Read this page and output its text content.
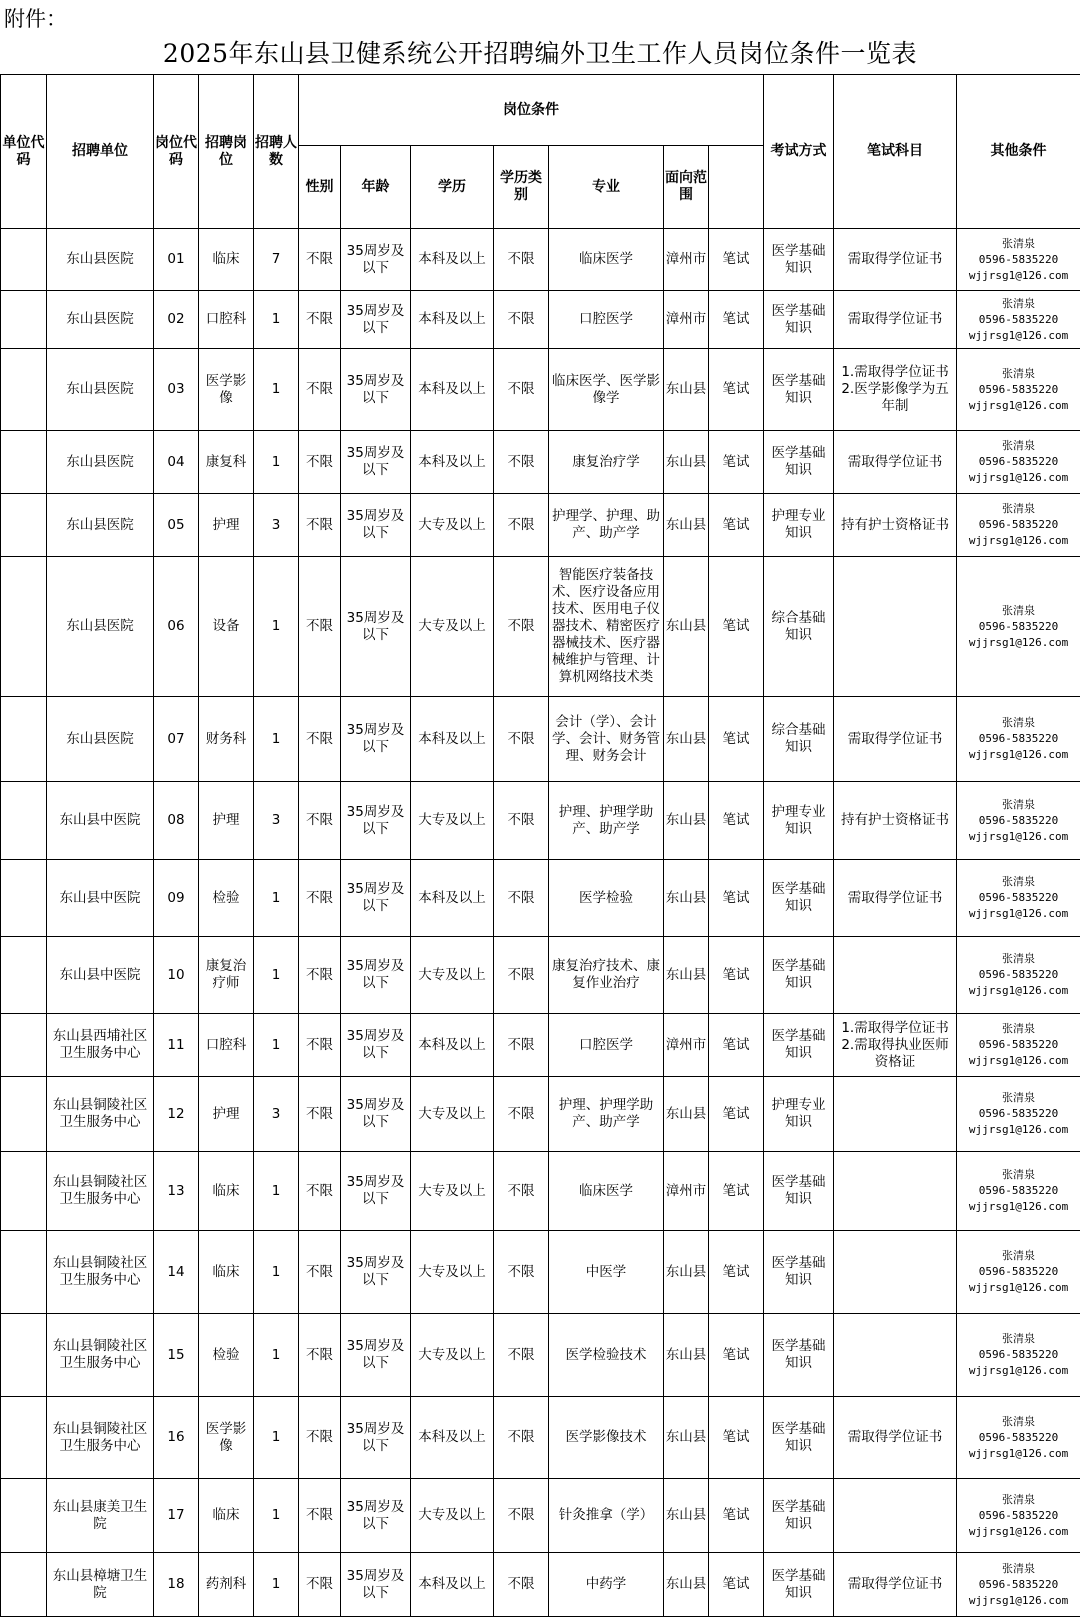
附件：
2025年东山县卫健系统公开招聘编外卫生工作人员岗位条件一览表
单位代码	招聘单位	岗位代码	招聘岗位	招聘人数	岗位条件							考试方式	笔试科目	其他条件	
					性别	年龄	学历	学历类别	专业	面向范围					
	东山县医院	01	临床	7	不限	35周岁及以下	本科及以上	不限	临床医学	漳州市	笔试	医学基础知识	需取得学位证书	张清泉
0596-5835220
wjjrsg1@126.com	

	东山县医院	02	口腔科	1	不限	35周岁及以下	本科及以上	不限	口腔医学	漳州市	笔试	医学基础知识	需取得学位证书	张清泉
0596-5835220
wjjrsg1@126.com	

	东山县医院	03	医学影像	1	不限	35周岁及以下	本科及以上	不限	临床医学、医学影像学	东山县	笔试	医学基础知识	1.需取得学位证书 2.医学影像学为五年制	张清泉
0596-5835220
wjjrsg1@126.com	

	东山县医院	04	康复科	1	不限	35周岁及以下	本科及以上	不限	康复治疗学	东山县	笔试	医学基础知识	需取得学位证书	张清泉
0596-5835220
wjjrsg1@126.com	

	东山县医院	05	护理	3	不限	35周岁及以下	大专及以上	不限	护理学、护理、助产、助产学	东山县	笔试	护理专业知识	持有护士资格证书	张清泉
0596-5835220
wjjrsg1@126.com	

	东山县医院	06	设备	1	不限	35周岁及以下	大专及以上	不限	智能医疗装备技术、医疗设备应用技术、医用电子仪器技术、精密医疗器械技术、医疗器械维护与管理、计算机网络技术类	东山县	笔试	综合基础知识		张清泉
0596-5835220
wjjrsg1@126.com	

	东山县医院	07	财务科	1	不限	35周岁及以下	本科及以上	不限	会计（学）、会计学、会计、财务管理、财务会计	东山县	笔试	综合基础知识	需取得学位证书	张清泉
0596-5835220
wjjrsg1@126.com	

	东山县中医院	08	护理	3	不限	35周岁及以下	大专及以上	不限	护理、护理学助产、助产学	东山县	笔试	护理专业知识	持有护士资格证书	张清泉
0596-5835220
wjjrsg1@126.com	

	东山县中医院	09	检验	1	不限	35周岁及以下	本科及以上	不限	医学检验	东山县	笔试	医学基础知识	需取得学位证书	张清泉
0596-5835220
wjjrsg1@126.com	

	东山县中医院	10	康复治疗师	1	不限	35周岁及以下	大专及以上	不限	康复治疗技术、康复作业治疗	东山县	笔试	医学基础知识		张清泉
0596-5835220
wjjrsg1@126.com	

	东山县西埔社区卫生服务中心	11	口腔科	1	不限	35周岁及以下	本科及以上	不限	口腔医学	漳州市	笔试	医学基础知识	1.需取得学位证书 2.需取得执业医师资格证	张清泉
0596-5835220
wjjrsg1@126.com	

	东山县铜陵社区卫生服务中心	12	护理	3	不限	35周岁及以下	大专及以上	不限	护理、护理学助产、助产学	东山县	笔试	护理专业知识		张清泉
0596-5835220
wjjrsg1@126.com	

	东山县铜陵社区卫生服务中心	13	临床	1	不限	35周岁及以下	大专及以上	不限	临床医学	漳州市	笔试	医学基础知识		张清泉
0596-5835220
wjjrsg1@126.com	

	东山县铜陵社区卫生服务中心	14	临床	1	不限	35周岁及以下	大专及以上	不限	中医学	东山县	笔试	医学基础知识		张清泉
0596-5835220
wjjrsg1@126.com	

	东山县铜陵社区卫生服务中心	15	检验	1	不限	35周岁及以下	大专及以上	不限	医学检验技术	东山县	笔试	医学基础知识		张清泉
0596-5835220
wjjrsg1@126.com	

	东山县铜陵社区卫生服务中心	16	医学影像	1	不限	35周岁及以下	本科及以上	不限	医学影像技术	东山县	笔试	医学基础知识	需取得学位证书	张清泉
0596-5835220
wjjrsg1@126.com	

	东山县康美卫生院	17	临床	1	不限	35周岁及以下	大专及以上	不限	针灸推拿（学）	东山县	笔试	医学基础知识		张清泉
0596-5835220
wjjrsg1@126.com	

	东山县樟塘卫生院	18	药剂科	1	不限	35周岁及以下	本科及以上	不限	中药学	东山县	笔试	医学基础知识	需取得学位证书	张清泉
0596-5835220
wjjrsg1@126.com	
